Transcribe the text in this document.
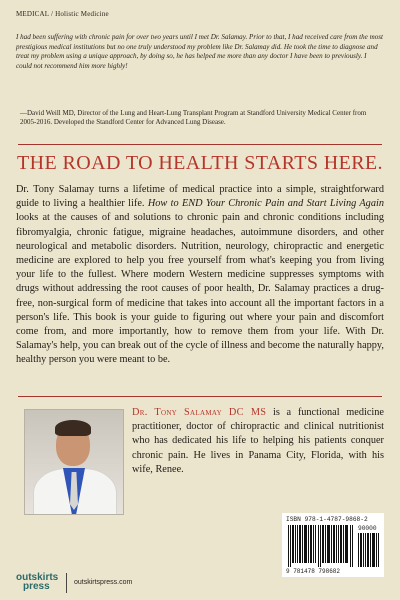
MEDICAL / Holistic Medicine

I had been suffering with chronic pain for over two years until I met Dr. Salamay. Prior to that, I had received care from the most prestigious medical institutions but no one truly understood my problem like Dr. Salamay did. He took the time to diagnose and treat my problem using a unique approach, by doing so, he has helped me more than any doctor I have been to previously. I could not recommend him more highly!

—David Weill MD, Director of the Lung and Heart-Lung Transplant Program at Standford University Medical Center from 2005-2016. Developed the Standford Center for Advanced Lung Disease.
THE ROAD TO HEALTH STARTS HERE.

Dr. Tony Salamay turns a lifetime of medical practice into a simple, straightforward guide to living a healthier life. How to END Your Chronic Pain and Start Living Again looks at the causes of and solutions to chronic pain and chronic conditions including fibromyalgia, chronic fatigue, migraine headaches, autoimmune disorders, and other neurological and metabolic disorders. Nutrition, neurology, chiropractic and energetic medicine are explored to help you free yourself from what's keeping you from living your life to the fullest. Where modern Western medicine suppresses symptoms with drugs without addressing the root causes of poor health, Dr. Salamay practices a drug-free, non-surgical form of medicine that takes into account all the important factors in a person's life. This book is your guide to figuring out where your pain and discomfort come from, and more importantly, how to remove them from your life. With Dr. Salamay's help, you can break out of the cycle of illness and become the naturally happy, healthy person you were meant to be.

Dr. Tony Salamay DC MS is a functional medicine practitioner, doctor of chiropractic and clinical nutritionist who has dedicated his life to helping his patients conquer chronic pain. He lives in Panama City, Florida, with his wife, Renee.

ISBN 978-1-4787-9868-2
90000
9 781478 798682
outskirts
press	outskirtspress.com
